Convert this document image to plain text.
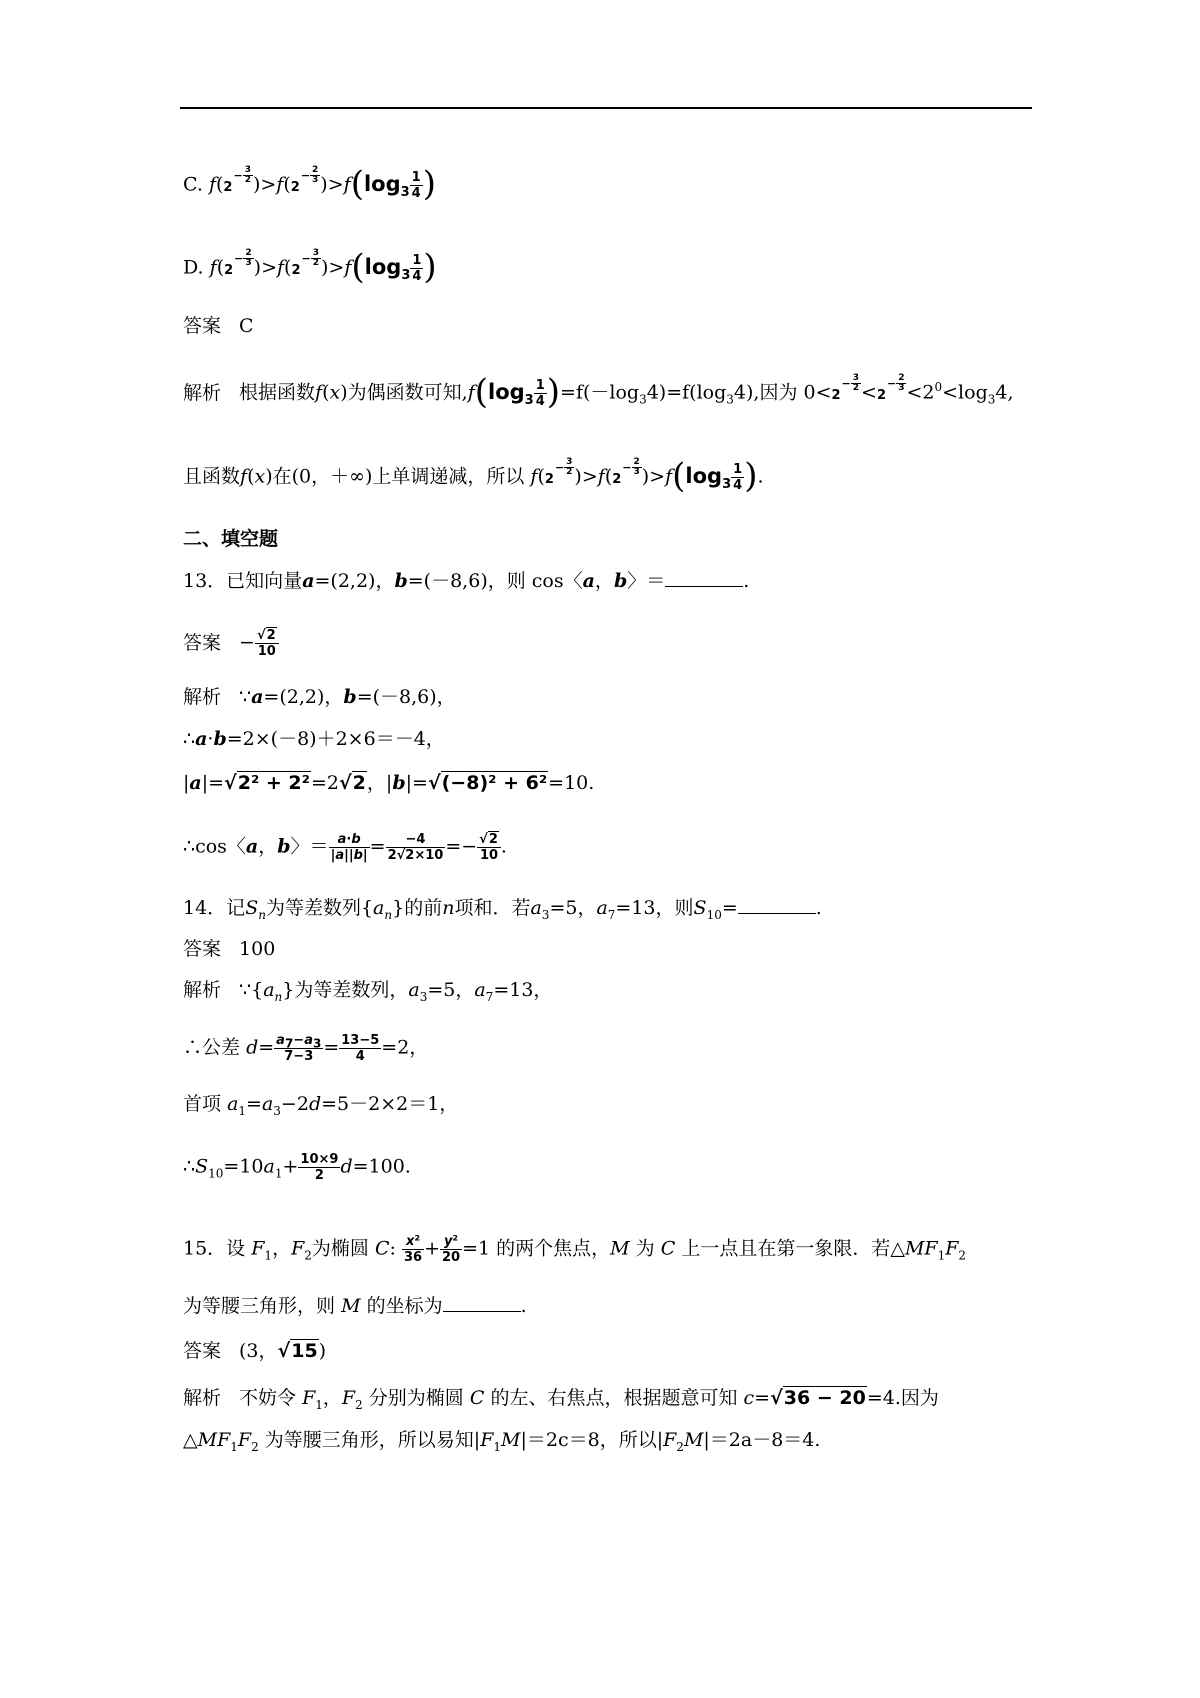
C. $f(2^{- \frac{3}{2}}$ )$>f(2^{- \frac{2}{3}}$ )$>f(\log_3 \frac{1}{4}$ )
D. $f(2^{- \frac{2}{3}}$ )$>f(2^{- \frac{3}{2}}$ )$>f(\log_3 \frac{1}{4}$ )
答案 C
解析 根据函数f(x)为偶函数可知$,f(\log_3 \frac{1}{4} )=f(-\log_34)=f(\log_34)$,因为 $0<2^{- \frac{3}{2}} <2^{- \frac{2}{3}} <2^0<\log_34$,
且函数f(x)在(0，＋∞)上单调递减，所以 $f(2^{- \frac{3}{2}}$ )$>f(2^{- \frac{2}{3}}$ )$>f(\log_3 \frac{1}{4}$ ).
二、填空题
13．已知向量a=(2,2)，b=(－8,6)，则 cos〈a，b〉＝	.
答案 − $\frac{√2}{10}$
解析 ∵a=(2,2)，b=(－8,6)，
∴a·b=2×(－8)＋2×6＝－4，
|a|=√2² + 2²=2√2，|b|=√(−8)² + 6²=10.
∴cos〈a，b〉＝ $\frac{a\cdot b}{|a||b|} = \frac{-4}{2√2\times 10} =- \frac{√2}{10}$ .
14．记$S_n$为等差数列$\{a_n\}$的前n项和．若$a_3=5$，$a_7=13$，则$S_{10}=$	.
答案 100
解析 $\because\{a_n\}$为等差数列，$a_3=5$，$a_7=13$，
∴公差 $d= \frac{a_7-a_3}{7-3} = \frac{13-5}{4} =2$，
首项 $a_1=a_3-2d=5-2\times 2=1$，
$\therefore S_{10}=10a_1+ \frac{10\times 9}{2} d=100$.
15．设 $F_1$，$F_2$为椭圆 C: $\frac{\text{x²}}{36} + \frac{\text{y²}}{20} =1$ 的两个焦点，M 为 C 上一点且在第一象限．若$\triangle MF_1F_2$
为等腰三角形，则 M 的坐标为	.
答案 (3，√15)
解析 不妨令 $F_1$，$F_2$ 分别为椭圆 C 的左、右焦点，根据题意可知 c=√36 − 20=4.因为
$\triangle MF_1F_2$ 为等腰三角形，所以易知$|F_1M|=2c=8$，所以$|F_2M|=2a-8=4$.
